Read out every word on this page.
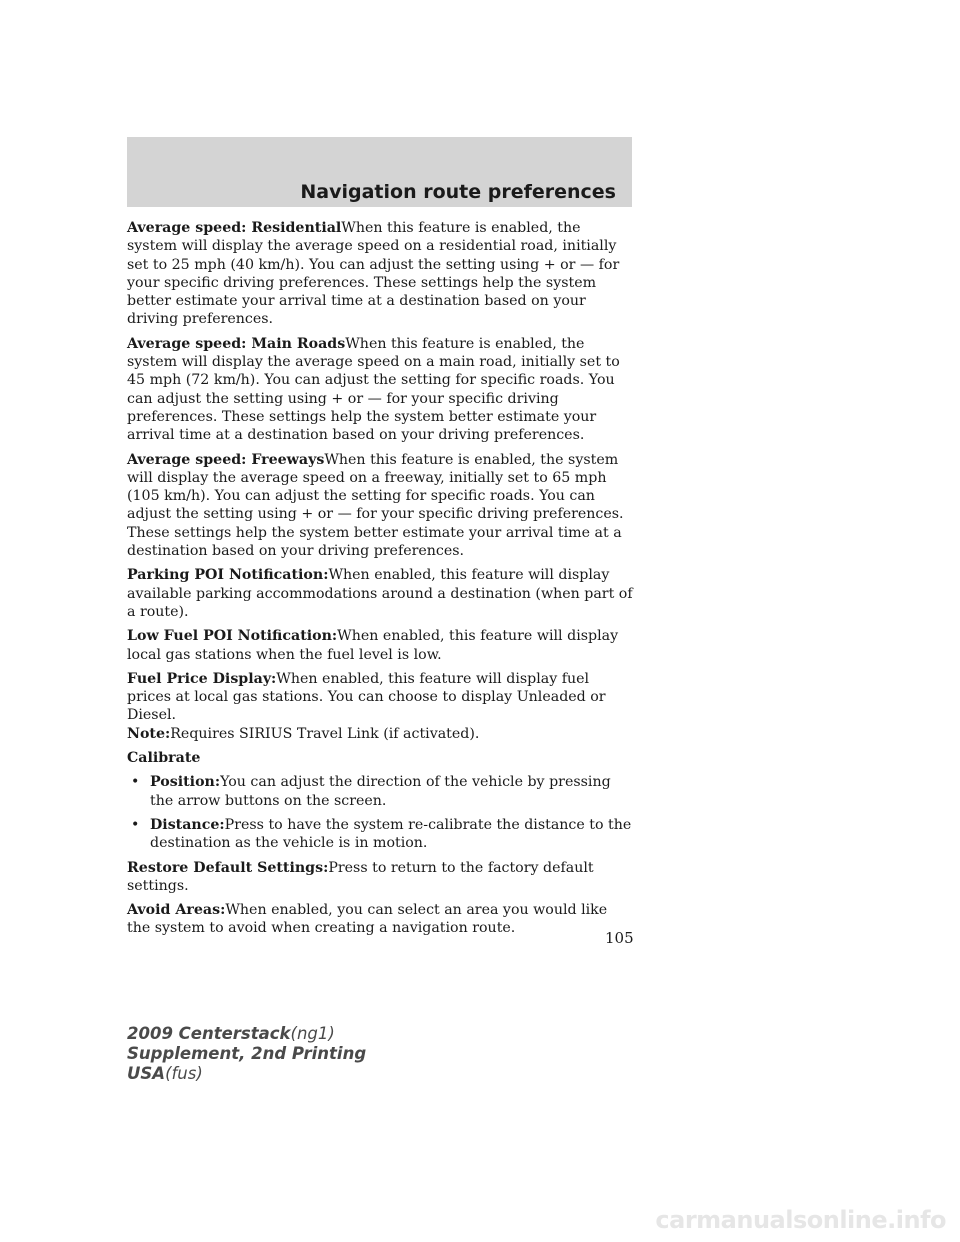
Navigation route preferences

Average speed: ResidentialWhen this feature is enabled, the system will display the average speed on a residential road, initially set to 25 mph (40 km/h). You can adjust the setting using + or — for your specific driving preferences. These settings help the system better estimate your arrival time at a destination based on your driving preferences.

Average speed: Main RoadsWhen this feature is enabled, the system will display the average speed on a main road, initially set to 45 mph (72 km/h). You can adjust the setting for specific roads. You can adjust the setting using + or — for your specific driving preferences. These settings help the system better estimate your arrival time at a destination based on your driving preferences.

Average speed: FreewaysWhen this feature is enabled, the system will display the average speed on a freeway, initially set to 65 mph (105 km/h). You can adjust the setting for specific roads. You can adjust the setting using + or — for your specific driving preferences. These settings help the system better estimate your arrival time at a destination based on your driving preferences.

Parking POI Notification:When enabled, this feature will display available parking accommodations around a destination (when part of a route).

Low Fuel POI Notification:When enabled, this feature will display local gas stations when the fuel level is low.

Fuel Price Display:When enabled, this feature will display fuel prices at local gas stations. You can choose to display Unleaded or Diesel.
Note:Requires SIRIUS Travel Link (if activated).

Calibrate

• Position:You can adjust the direction of the vehicle by pressing the arrow buttons on the screen.

• Distance:Press to have the system re-calibrate the distance to the destination as the vehicle is in motion.

Restore Default Settings:Press to return to the factory default settings.

Avoid Areas:When enabled, you can select an area you would like the system to avoid when creating a navigation route.

105
2009 Centerstack(ng1)
Supplement, 2nd Printing
USA(fus)
carmanualsonline.info
